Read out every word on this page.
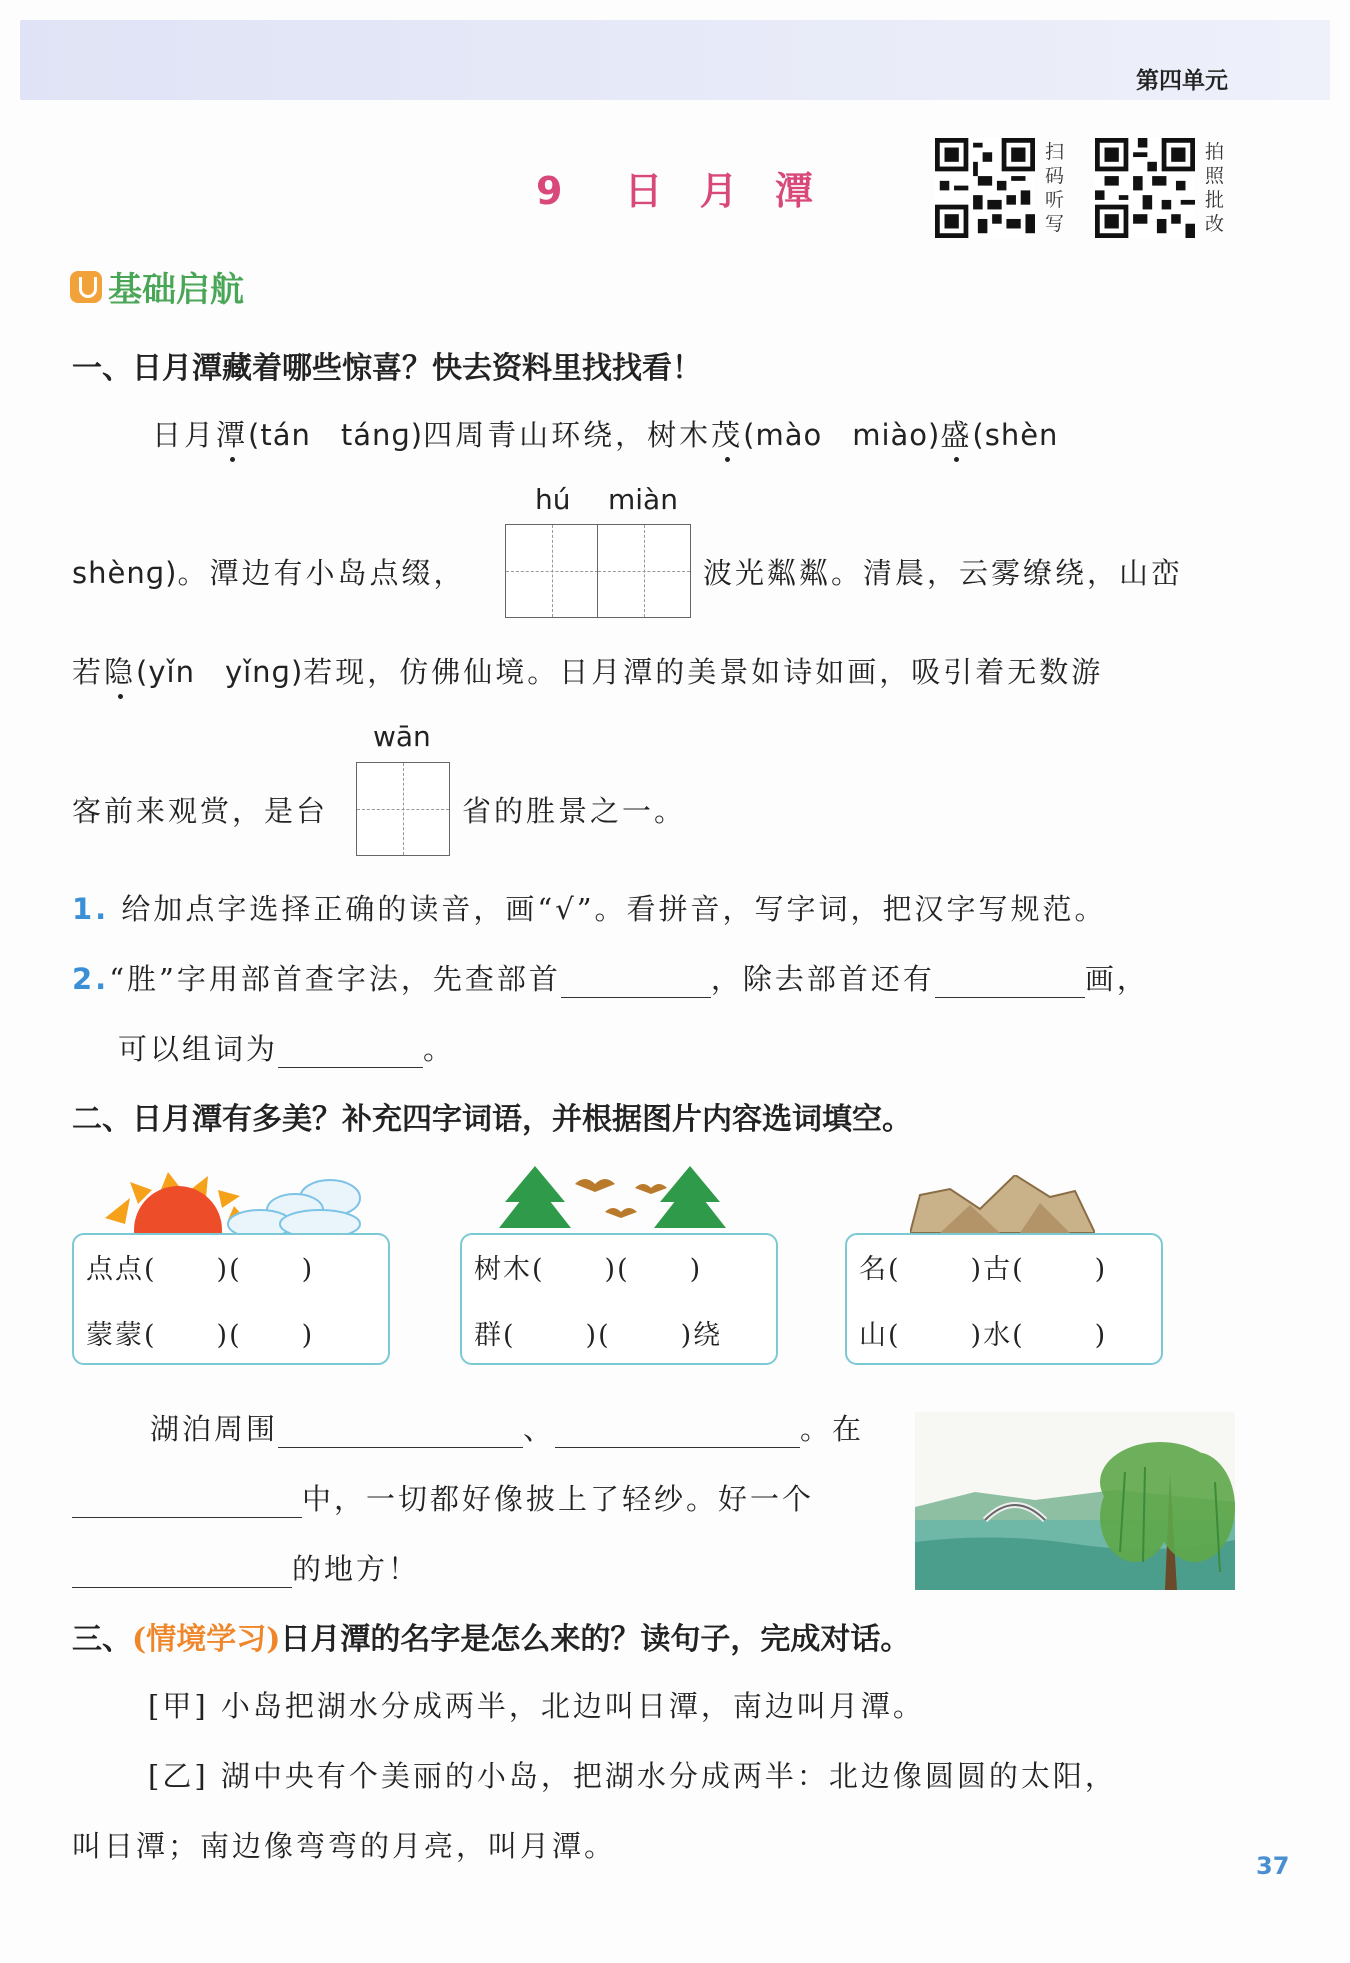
第四单元
9　日 月 潭
扫码听写
拍照批改
基础启航
一、日月潭藏着哪些惊喜？快去资料里找找看！
日月潭(tán　tánɡ)四周青山环绕，树木茂(mào　miào)盛(shèn
hú miàn
shènɡ)。潭边有小岛点缀，	波光粼粼。清晨，云雾缭绕，山峦
若隐(yǐn　yǐnɡ)若现，仿佛仙境。日月潭的美景如诗如画，吸引着无数游
wān
客前来观赏，是台	省的胜景之一。
1. 给加点字选择正确的读音，画“√”。看拼音，写字词，把汉字写规范。
2.“胜”字用部首查字法，先查部首	，除去部首还有	画，
可以组词为	。
二、日月潭有多美？补充四字词语，并根据图片内容选词填空。
点点( )( )
蒙蒙( )( )
树木( )( )
群(	)(	)绕
名(	)古(	)
山(	)水(	)
湖泊周围	、	。在
中，一切都好像披上了轻纱。好一个
的地方！
三、(情境学习)日月潭的名字是怎么来的？读句子，完成对话。
[甲] 小岛把湖水分成两半，北边叫日潭，南边叫月潭。
[乙] 湖中央有个美丽的小岛，把湖水分成两半：北边像圆圆的太阳，
叫日潭；南边像弯弯的月亮，叫月潭。
37
